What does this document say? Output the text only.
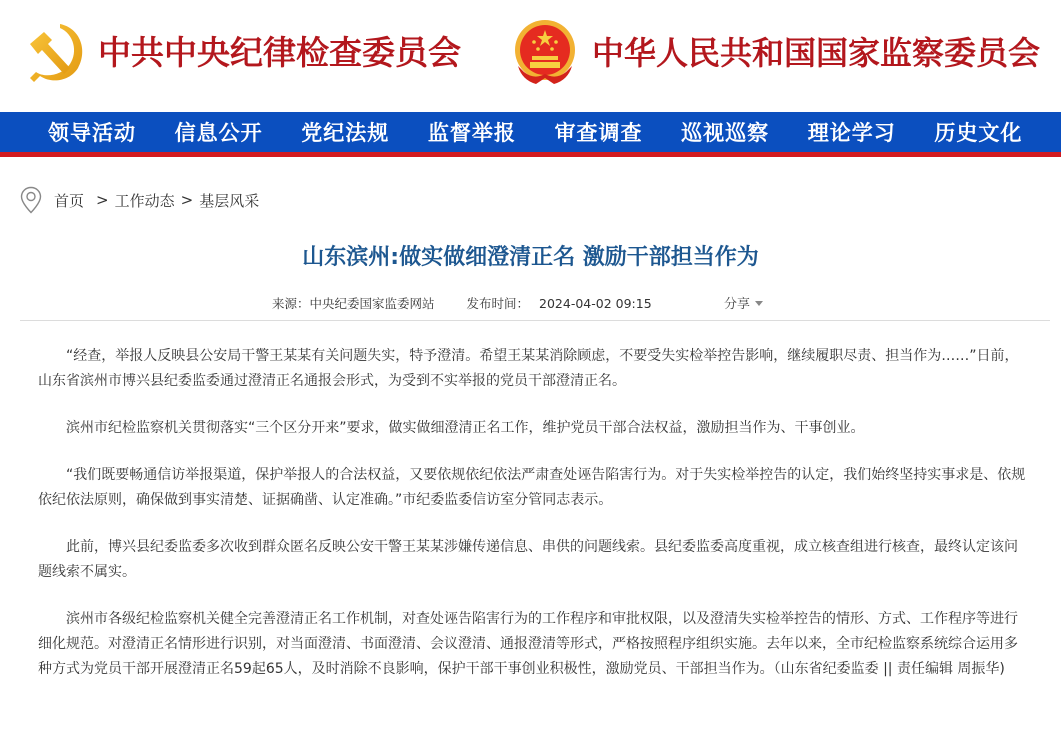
中共中央纪律检查委员会	中华人民共和国国家监察委员会
领导活动	信息公开	党纪法规	监督举报	审查调查	巡视巡察	理论学习	历史文化
首页 > 工作动态 > 基层风采
山东滨州:做实做细澄清正名 激励干部担当作为
来源：中央纪委国家监委网站	发布时间： 2024-04-02 09:15	分享

“经查，举报人反映县公安局干警王某某有关问题失实，特予澄清。希望王某某消除顾虑，不要受失实检举控告影响，继续履职尽责、担当作为……”日前，山东省滨州市博兴县纪委监委通过澄清正名通报会形式，为受到不实举报的党员干部澄清正名。

滨州市纪检监察机关贯彻落实“三个区分开来”要求，做实做细澄清正名工作，维护党员干部合法权益，激励担当作为、干事创业。

“我们既要畅通信访举报渠道，保护举报人的合法权益，又要依规依纪依法严肃查处诬告陷害行为。对于失实检举控告的认定，我们始终坚持实事求是、依规依纪依法原则，确保做到事实清楚、证据确凿、认定准确。”市纪委监委信访室分管同志表示。

此前，博兴县纪委监委多次收到群众匿名反映公安干警王某某涉嫌传递信息、串供的问题线索。县纪委监委高度重视，成立核查组进行核查，最终认定该问题线索不属实。

滨州市各级纪检监察机关健全完善澄清正名工作机制，对查处诬告陷害行为的工作程序和审批权限，以及澄清失实检举控告的情形、方式、工作程序等进行细化规范。对澄清正名情形进行识别，对当面澄清、书面澄清、会议澄清、通报澄清等形式，严格按照程序组织实施。去年以来，全市纪检监察系统综合运用多种方式为党员干部开展澄清正名59起65人，及时消除不良影响，保护干部干事创业积极性，激励党员、干部担当作为。（山东省纪委监委 || 责任编辑 周振华)
